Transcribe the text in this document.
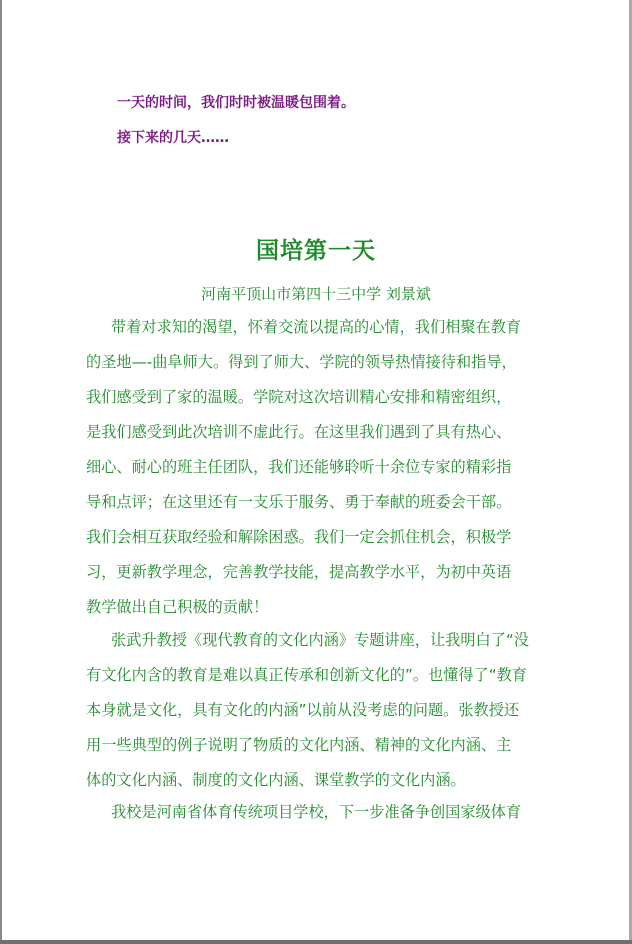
一天的时间，我们时时被温暖包围着。
接下来的几天……
国培第一天
河南平顶山市第四十三中学 刘景斌
带着对求知的渴望，怀着交流以提高的心情，我们相聚在教育
的圣地—-曲阜师大。得到了师大、学院的领导热情接待和指导，
我们感受到了家的温暖。学院对这次培训精心安排和精密组织，
是我们感受到此次培训不虚此行。在这里我们遇到了具有热心、
细心、耐心的班主任团队，我们还能够聆听十余位专家的精彩指
导和点评；在这里还有一支乐于服务、勇于奉献的班委会干部。
我们会相互获取经验和解除困惑。我们一定会抓住机会，积极学
习，更新教学理念，完善教学技能，提高教学水平，为初中英语
教学做出自己积极的贡献！
张武升教授《现代教育的文化内涵》专题讲座，让我明白了“没
有文化内含的教育是难以真正传承和创新文化的”。也懂得了“教育
本身就是文化，具有文化的内涵”以前从没考虑的问题。张教授还
用一些典型的例子说明了物质的文化内涵、精神的文化内涵、主
体的文化内涵、制度的文化内涵、课堂教学的文化内涵。
我校是河南省体育传统项目学校，下一步准备争创国家级体育
